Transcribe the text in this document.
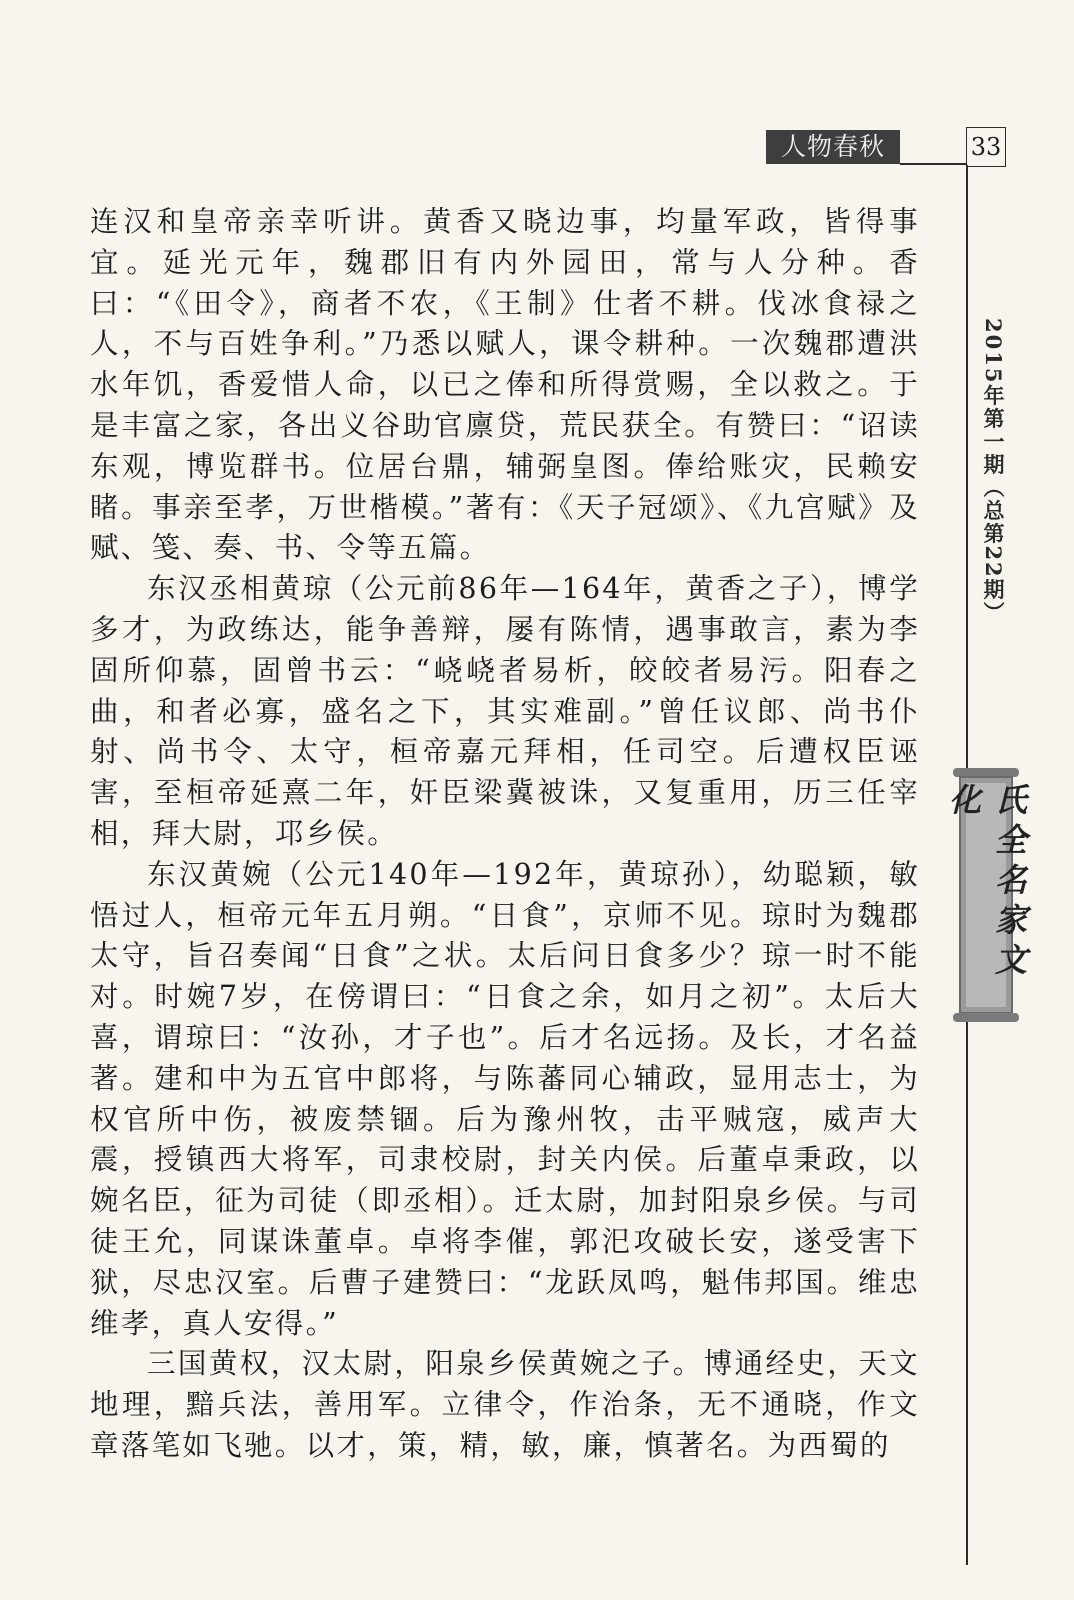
人物春秋	33
2015年第一期（总第22期）
氏全名家文化

连汉和皇帝亲幸听讲。黄香又晓边事，均量军政，皆得事宜。延光元年，魏郡旧有内外园田，常与人分种。香曰：“《田令》，商者不农，《王制》仕者不耕。伐冰食禄之人，不与百姓争利。”乃悉以赋人，课令耕种。一次魏郡遭洪水年饥，香爱惜人命，以已之俸和所得赏赐，全以救之。于是丰富之家，各出义谷助官廪贷，荒民获全。有赞曰：“诏读东观，博览群书。位居台鼎，辅弼皇图。俸给账灾，民赖安睹。事亲至孝，万世楷模。”著有：《天子冠颂》、《九宫赋》及赋、笺、奏、书、令等五篇。

东汉丞相黄琼（公元前86年—164年，黄香之子），博学多才，为政练达，能争善辩，屡有陈情，遇事敢言，素为李固所仰慕，固曾书云：“峣峣者易析，皎皎者易污。阳春之曲，和者必寡，盛名之下，其实难副。”曾任议郎、尚书仆射、尚书令、太守，桓帝嘉元拜相，任司空。后遭权臣诬害，至桓帝延熹二年，奸臣梁冀被诛，又复重用，历三任宰相，拜大尉，邛乡侯。

东汉黄婉（公元140年—192年，黄琼孙），幼聪颖，敏悟过人，桓帝元年五月朔。“日食”，京师不见。琼时为魏郡太守，旨召奏闻“日食”之状。太后问日食多少？琼一时不能对。时婉7岁，在傍谓曰：“日食之余，如月之初”。太后大喜，谓琼曰：“汝孙，才子也”。后才名远扬。及长，才名益著。建和中为五官中郎将，与陈蕃同心辅政，显用志士，为权官所中伤，被废禁锢。后为豫州牧，击平贼寇，威声大震，授镇西大将军，司隶校尉，封关内侯。后董卓秉政，以婉名臣，征为司徒（即丞相）。迁太尉，加封阳泉乡侯。与司徒王允，同谋诛董卓。卓将李催，郭汜攻破长安，遂受害下狱，尽忠汉室。后曹子建赞曰：“龙跃凤鸣，魁伟邦国。维忠维孝，真人安得。”

三国黄权，汉太尉，阳泉乡侯黄婉之子。博通经史，天文地理，黯兵法，善用军。立律令，作治条，无不通晓，作文章落笔如飞驰。以才，策，精，敏，廉，慎著名。为西蜀的
